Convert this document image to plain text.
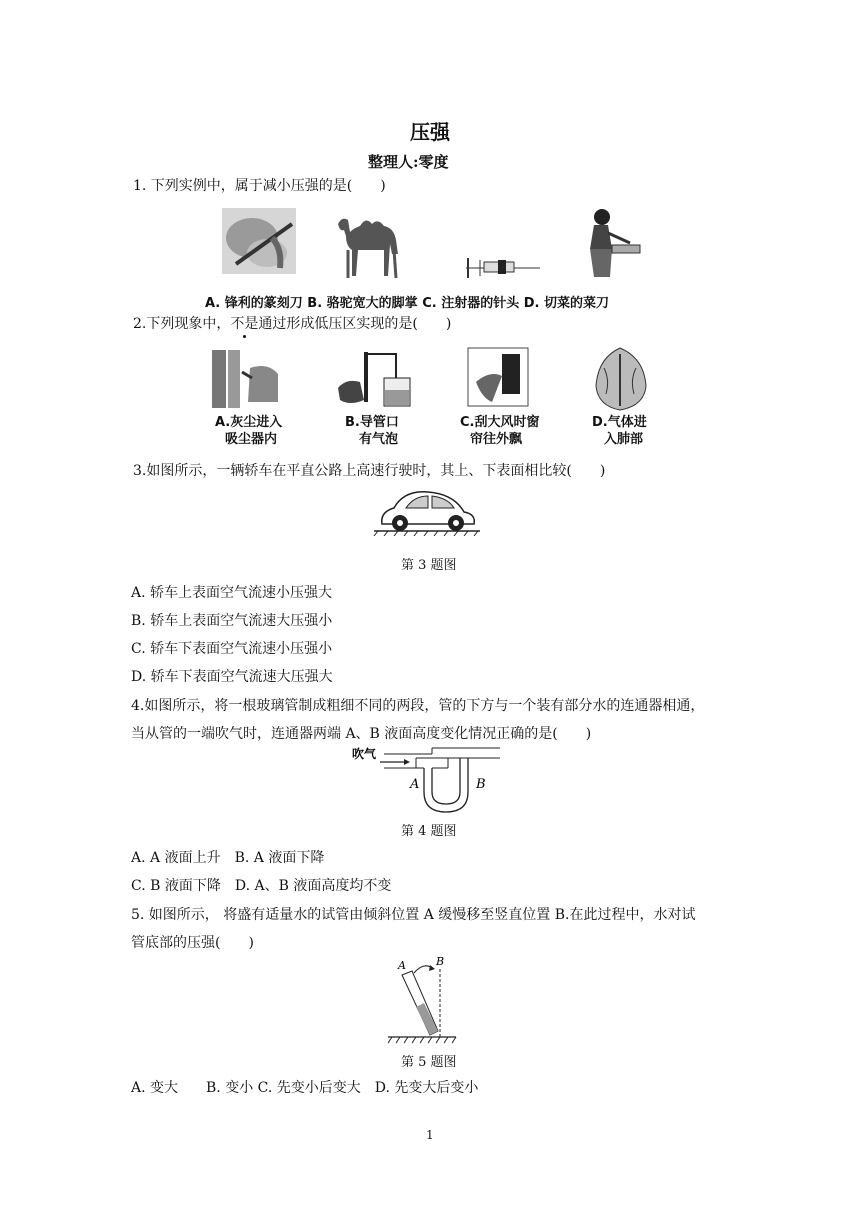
压强
整理人:零度
1. 下列实例中，属于减小压强的是(　　)
A. 锋利的篆刻刀 B. 骆驼宽大的脚掌 C. 注射器的针头 D. 切菜的菜刀
2.下列现象中，不是通过形成低压区实现的是(　　)
A.灰尘进入
吸尘器内
B.导管口
有气泡
C.刮大风时窗
帘往外飘
D.气体进
入肺部
3.如图所示，一辆轿车在平直公路上高速行驶时，其上、下表面相比较(　　)
第 3 题图
A. 轿车上表面空气流速小压强大
B. 轿车上表面空气流速大压强小
C. 轿车下表面空气流速小压强小
D. 轿车下表面空气流速大压强大
4.如图所示，将一根玻璃管制成粗细不同的两段，管的下方与一个装有部分水的连通器相通，
当从管的一端吹气时，连通器两端 A、B 液面高度变化情况正确的是(　　)
吹气
A	B
第 4 题图
A. A 液面上升　B. A 液面下降
C. B 液面下降　D. A、B 液面高度均不变
5. 如图所示， 将盛有适量水的试管由倾斜位置 A 缓慢移至竖直位置 B.在此过程中，水对试
管底部的压强(　　)
A	B
第 5 题图
A. 变大　　B. 变小 C. 先变小后变大　D. 先变大后变小
1
